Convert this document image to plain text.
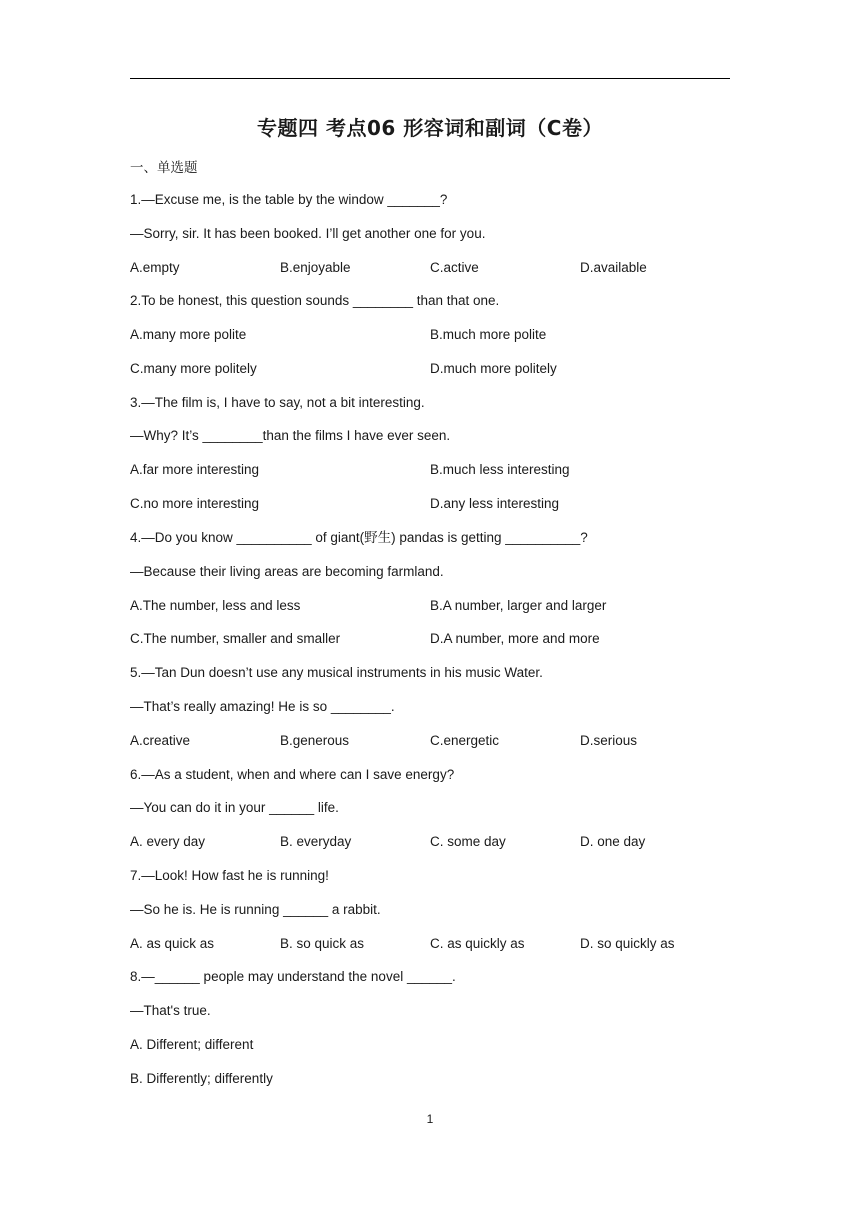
专题四 考点06 形容词和副词（C卷）
一、单选题
1.—Excuse me, is the table by the window _______?
—Sorry, sir. It has been booked. I’ll get another one for you.
A.empty	B.enjoyable	C.active	D.available
2.To be honest, this question sounds ________ than that one.
A.many more polite	B.much more polite
C.many more politely	D.much more politely
3.—The film is, I have to say, not a bit interesting.
—Why? It’s ________than the films I have ever seen.
A.far more interesting	B.much less interesting
C.no more interesting	D.any less interesting
4.—Do you know __________ of giant(野生) pandas is getting __________?
—Because their living areas are becoming farmland.
A.The number, less and less	B.A number, larger and larger
C.The number, smaller and smaller	D.A number, more and more
5.—Tan Dun doesn’t use any musical instruments in his music Water.
—That’s really amazing! He is so ________.
A.creative	B.generous	C.energetic	D.serious
6.—As a student, when and where can I save energy?
—You can do it in your ______ life.
A. every day	B. everyday	C. some day	D. one day
7.—Look! How fast he is running!
—So he is. He is running ______ a rabbit.
A. as quick as	B. so quick as	C. as quickly as	D. so quickly as
8.—______ people may understand the novel ______.
—That's true.
A. Different; different
B. Differently; differently
1
